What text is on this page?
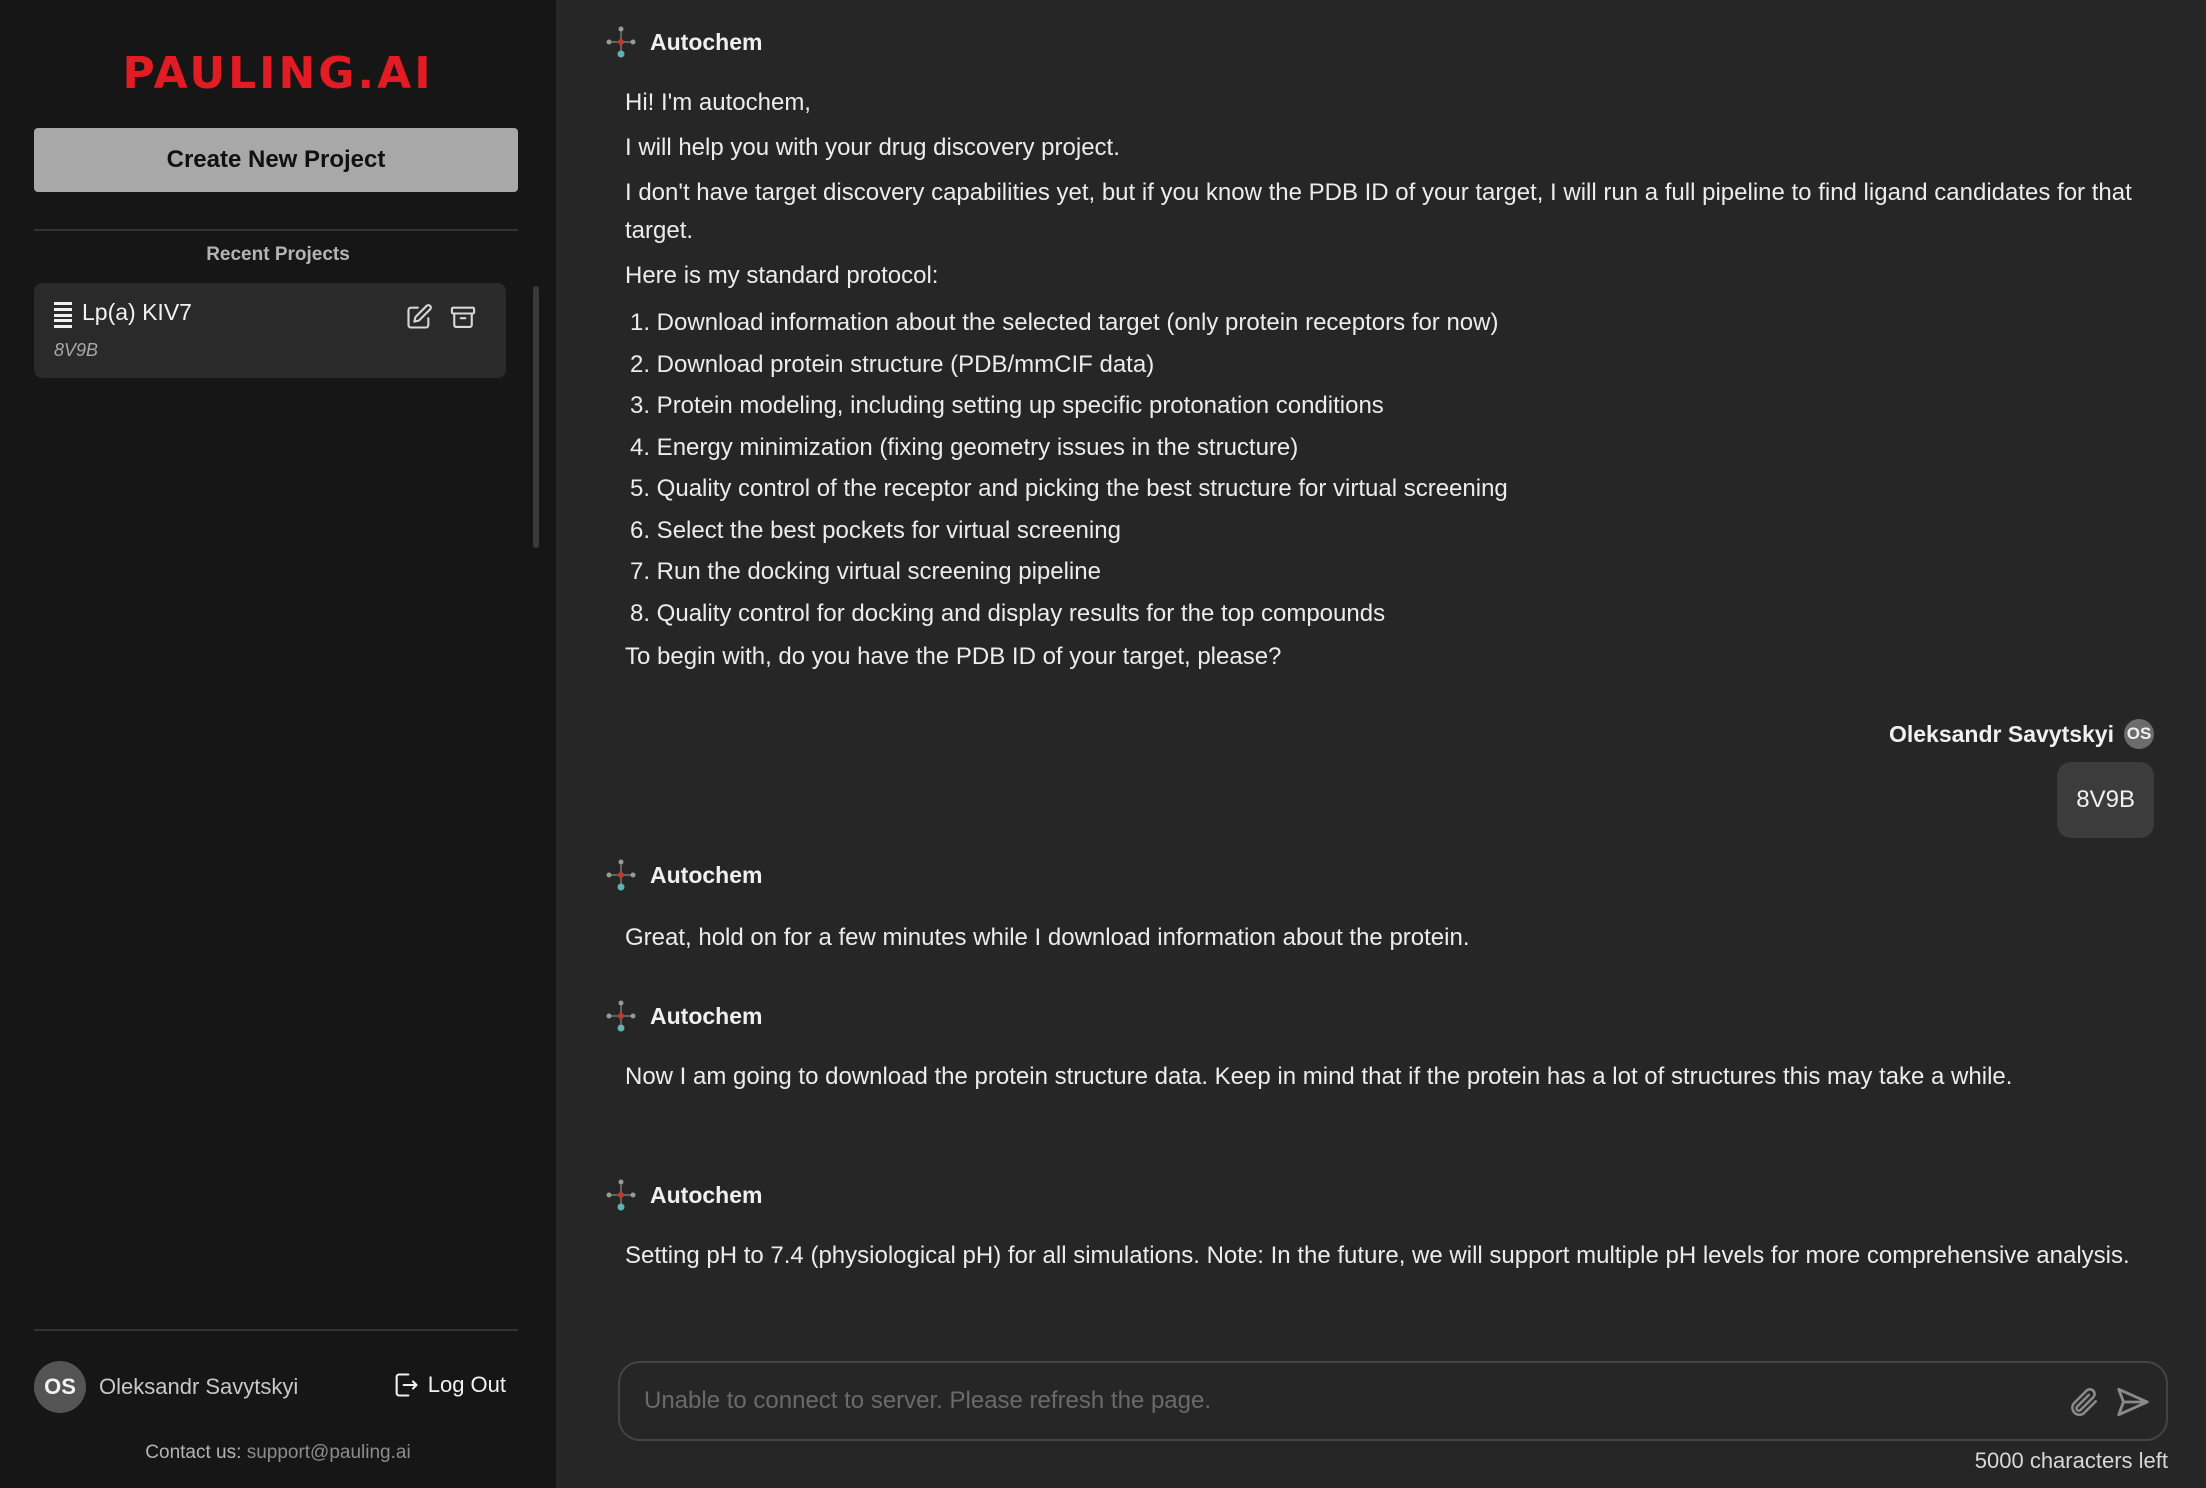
PAULING.AI
Create New Project
Recent Projects
Lp(a) KIV7
8V9B
OS	Oleksandr Savytskyi	Log Out
Contact us: support@pauling.ai
Autochem

Hi! I'm autochem,

I will help you with your drug discovery project.

I don't have target discovery capabilities yet, but if you know the PDB ID of your target, I will run a full pipeline to find ligand candidates for that target.

Here is my standard protocol:

1. Download information about the selected target (only protein receptors for now)
2. Download protein structure (PDB/mmCIF data)
3. Protein modeling, including setting up specific protonation conditions
4. Energy minimization (fixing geometry issues in the structure)
5. Quality control of the receptor and picking the best structure for virtual screening
6. Select the best pockets for virtual screening
7. Run the docking virtual screening pipeline
8. Quality control for docking and display results for the top compounds

To begin with, do you have the PDB ID of your target, please?

Oleksandr Savytskyi OS
8V9B
Autochem

Great, hold on for a few minutes while I download information about the protein.

Autochem

Now I am going to download the protein structure data. Keep in mind that if the protein has a lot of structures this may take a while.

Autochem

Setting pH to 7.4 (physiological pH) for all simulations. Note: In the future, we will support multiple pH levels for more comprehensive analysis.

Unable to connect to server. Please refresh the page.
5000 characters left
